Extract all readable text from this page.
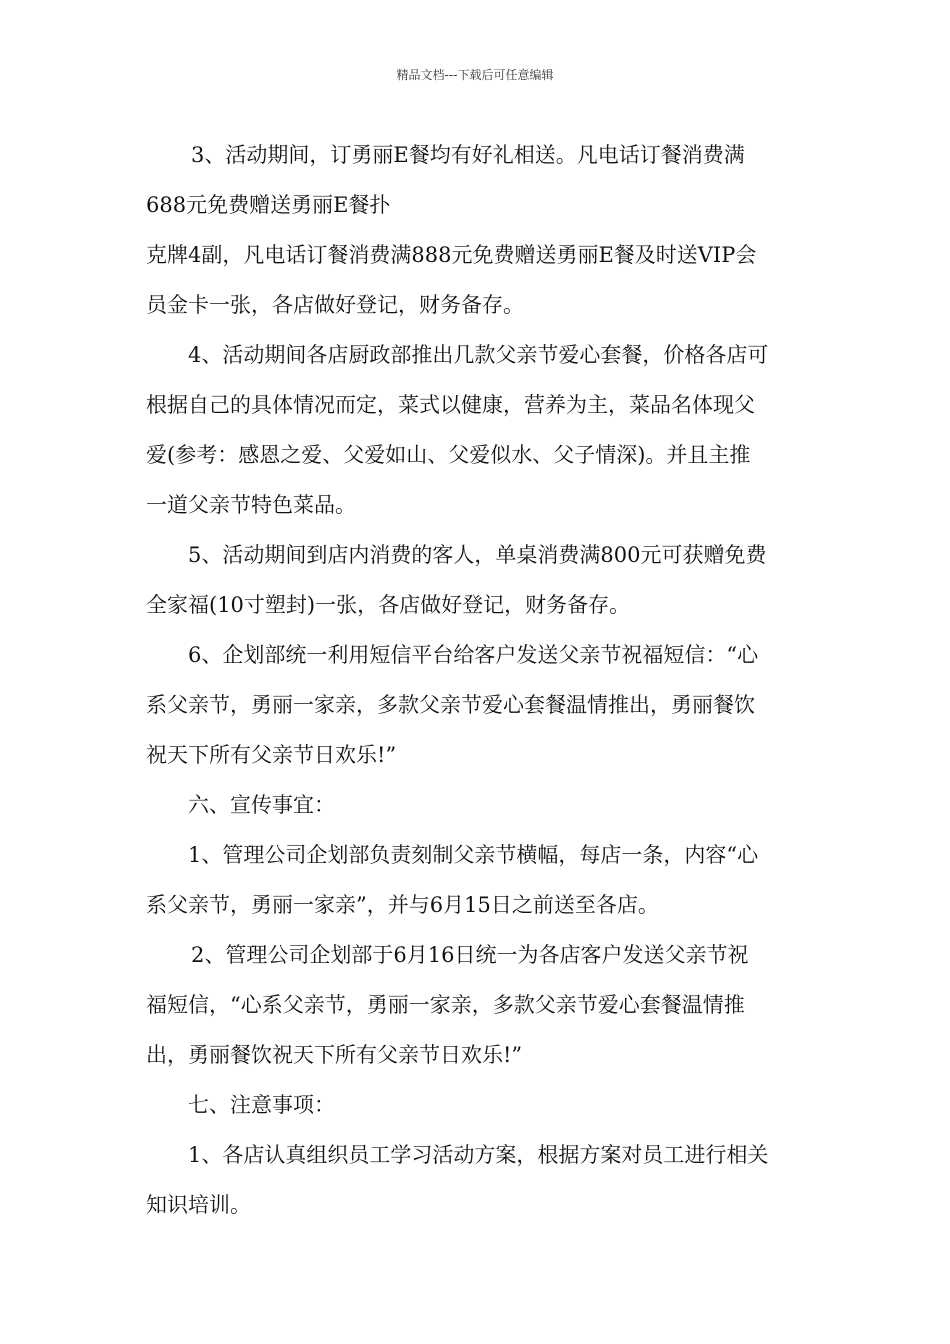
精品文档---下载后可任意编辑
3、活动期间，订勇丽E餐均有好礼相送。凡电话订餐消费满
688元免费赠送勇丽E餐扑
克牌4副，凡电话订餐消费满888元免费赠送勇丽E餐及时送VIP会
员金卡一张，各店做好登记，财务备存。
4、活动期间各店厨政部推出几款父亲节爱心套餐，价格各店可
根据自己的具体情况而定，菜式以健康，营养为主，菜品名体现父
爱(参考：感恩之爱、父爱如山、父爱似水、父子情深)。并且主推
一道父亲节特色菜品。
5、活动期间到店内消费的客人，单桌消费满800元可获赠免费
全家福(10寸塑封)一张，各店做好登记，财务备存。
6、企划部统一利用短信平台给客户发送父亲节祝福短信：“心
系父亲节，勇丽一家亲，多款父亲节爱心套餐温情推出，勇丽餐饮
祝天下所有父亲节日欢乐!”
六、宣传事宜：
1、管理公司企划部负责刻制父亲节横幅，每店一条，内容“心
系父亲节，勇丽一家亲”，并与6月15日之前送至各店。
2、管理公司企划部于6月16日统一为各店客户发送父亲节祝
福短信，“心系父亲节，勇丽一家亲，多款父亲节爱心套餐温情推
出，勇丽餐饮祝天下所有父亲节日欢乐!”
七、注意事项：
1、各店认真组织员工学习活动方案，根据方案对员工进行相关
知识培训。
